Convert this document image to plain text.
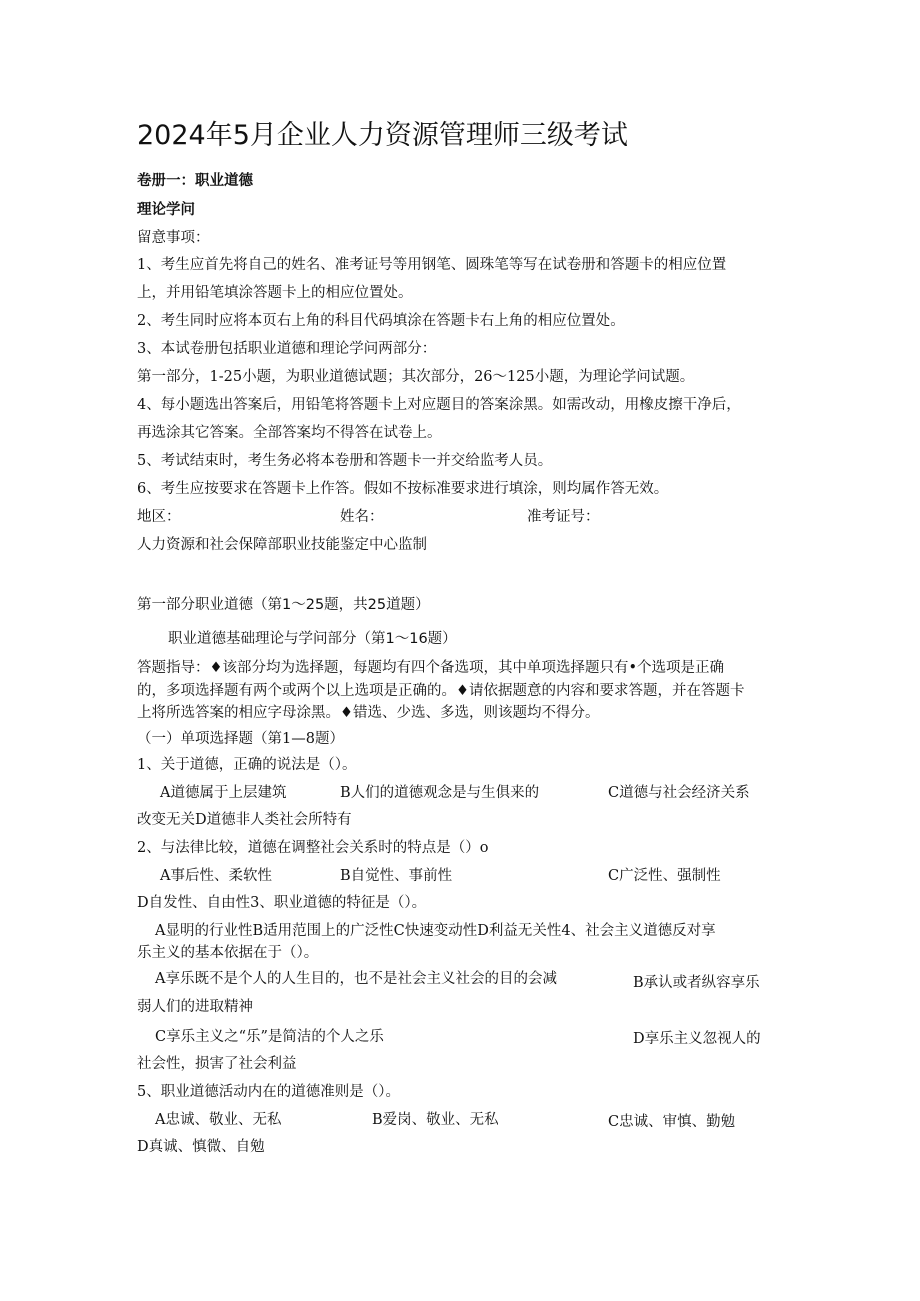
2024年5月企业人力资源管理师三级考试
卷册一：职业道德
理论学问
留意事项：
1、考生应首先将自己的姓名、准考证号等用钢笔、圆珠笔等写在试卷册和答题卡的相应位置
上，并用铅笔填涂答题卡上的相应位置处。
2、考生同时应将本页右上角的科目代码填涂在答题卡右上角的相应位置处。
3、本试卷册包括职业道德和理论学问两部分：
第一部分，1-25小题，为职业道德试题；其次部分，26〜125小题，为理论学问试题。
4、每小题选出答案后，用铅笔将答题卡上对应题目的答案涂黑。如需改动，用橡皮擦干净后，
再选涂其它答案。全部答案均不得答在试卷上。
5、考试结束时，考生务必将本卷册和答题卡一并交给监考人员。
6、考生应按要求在答题卡上作答。假如不按标准要求进行填涂，则均属作答无效。
地区：	姓名：	准考证号：
人力资源和社会保障部职业技能鉴定中心监制
第一部分职业道德（第1〜25题，共25道题）
职业道德基础理论与学问部分（第1〜16题）
答题指导：♦该部分均为选择题，每题均有四个备选项，其中单项选择题只有•个选项是正确
的，多项选择题有两个或两个以上选项是正确的。♦请依据题意的内容和要求答题，并在答题卡
上将所选答案的相应字母涂黑。♦错选、少选、多选，则该题均不得分。
（一）单项选择题（第1—8题）
1、关于道德，正确的说法是（）。
A道德属于上层建筑	B人们的道德观念是与生俱来的	C道德与社会经济关系
改变无关D道德非人类社会所特有
2、与法律比较，道德在调整社会关系时的特点是（）o
A事后性、柔软性	B自觉性、事前性	C广泛性、强制性
D自发性、自由性3、职业道德的特征是（）。
A显明的行业性B适用范围上的广泛性C快速变动性D利益无关性4、社会主义道德反对享
乐主义的基本依据在于（）。
A享乐既不是个人的人生目的，也不是社会主义社会的目的会减	B承认或者纵容享乐
弱人们的进取精神
C享乐主义之“乐”是简洁的个人之乐	D享乐主义忽视人的
社会性，损害了社会利益
5、职业道德活动内在的道德准则是（）。
A忠诚、敬业、无私	B爱岗、敬业、无私	C忠诚、审慎、勤勉
D真诚、慎微、自勉
